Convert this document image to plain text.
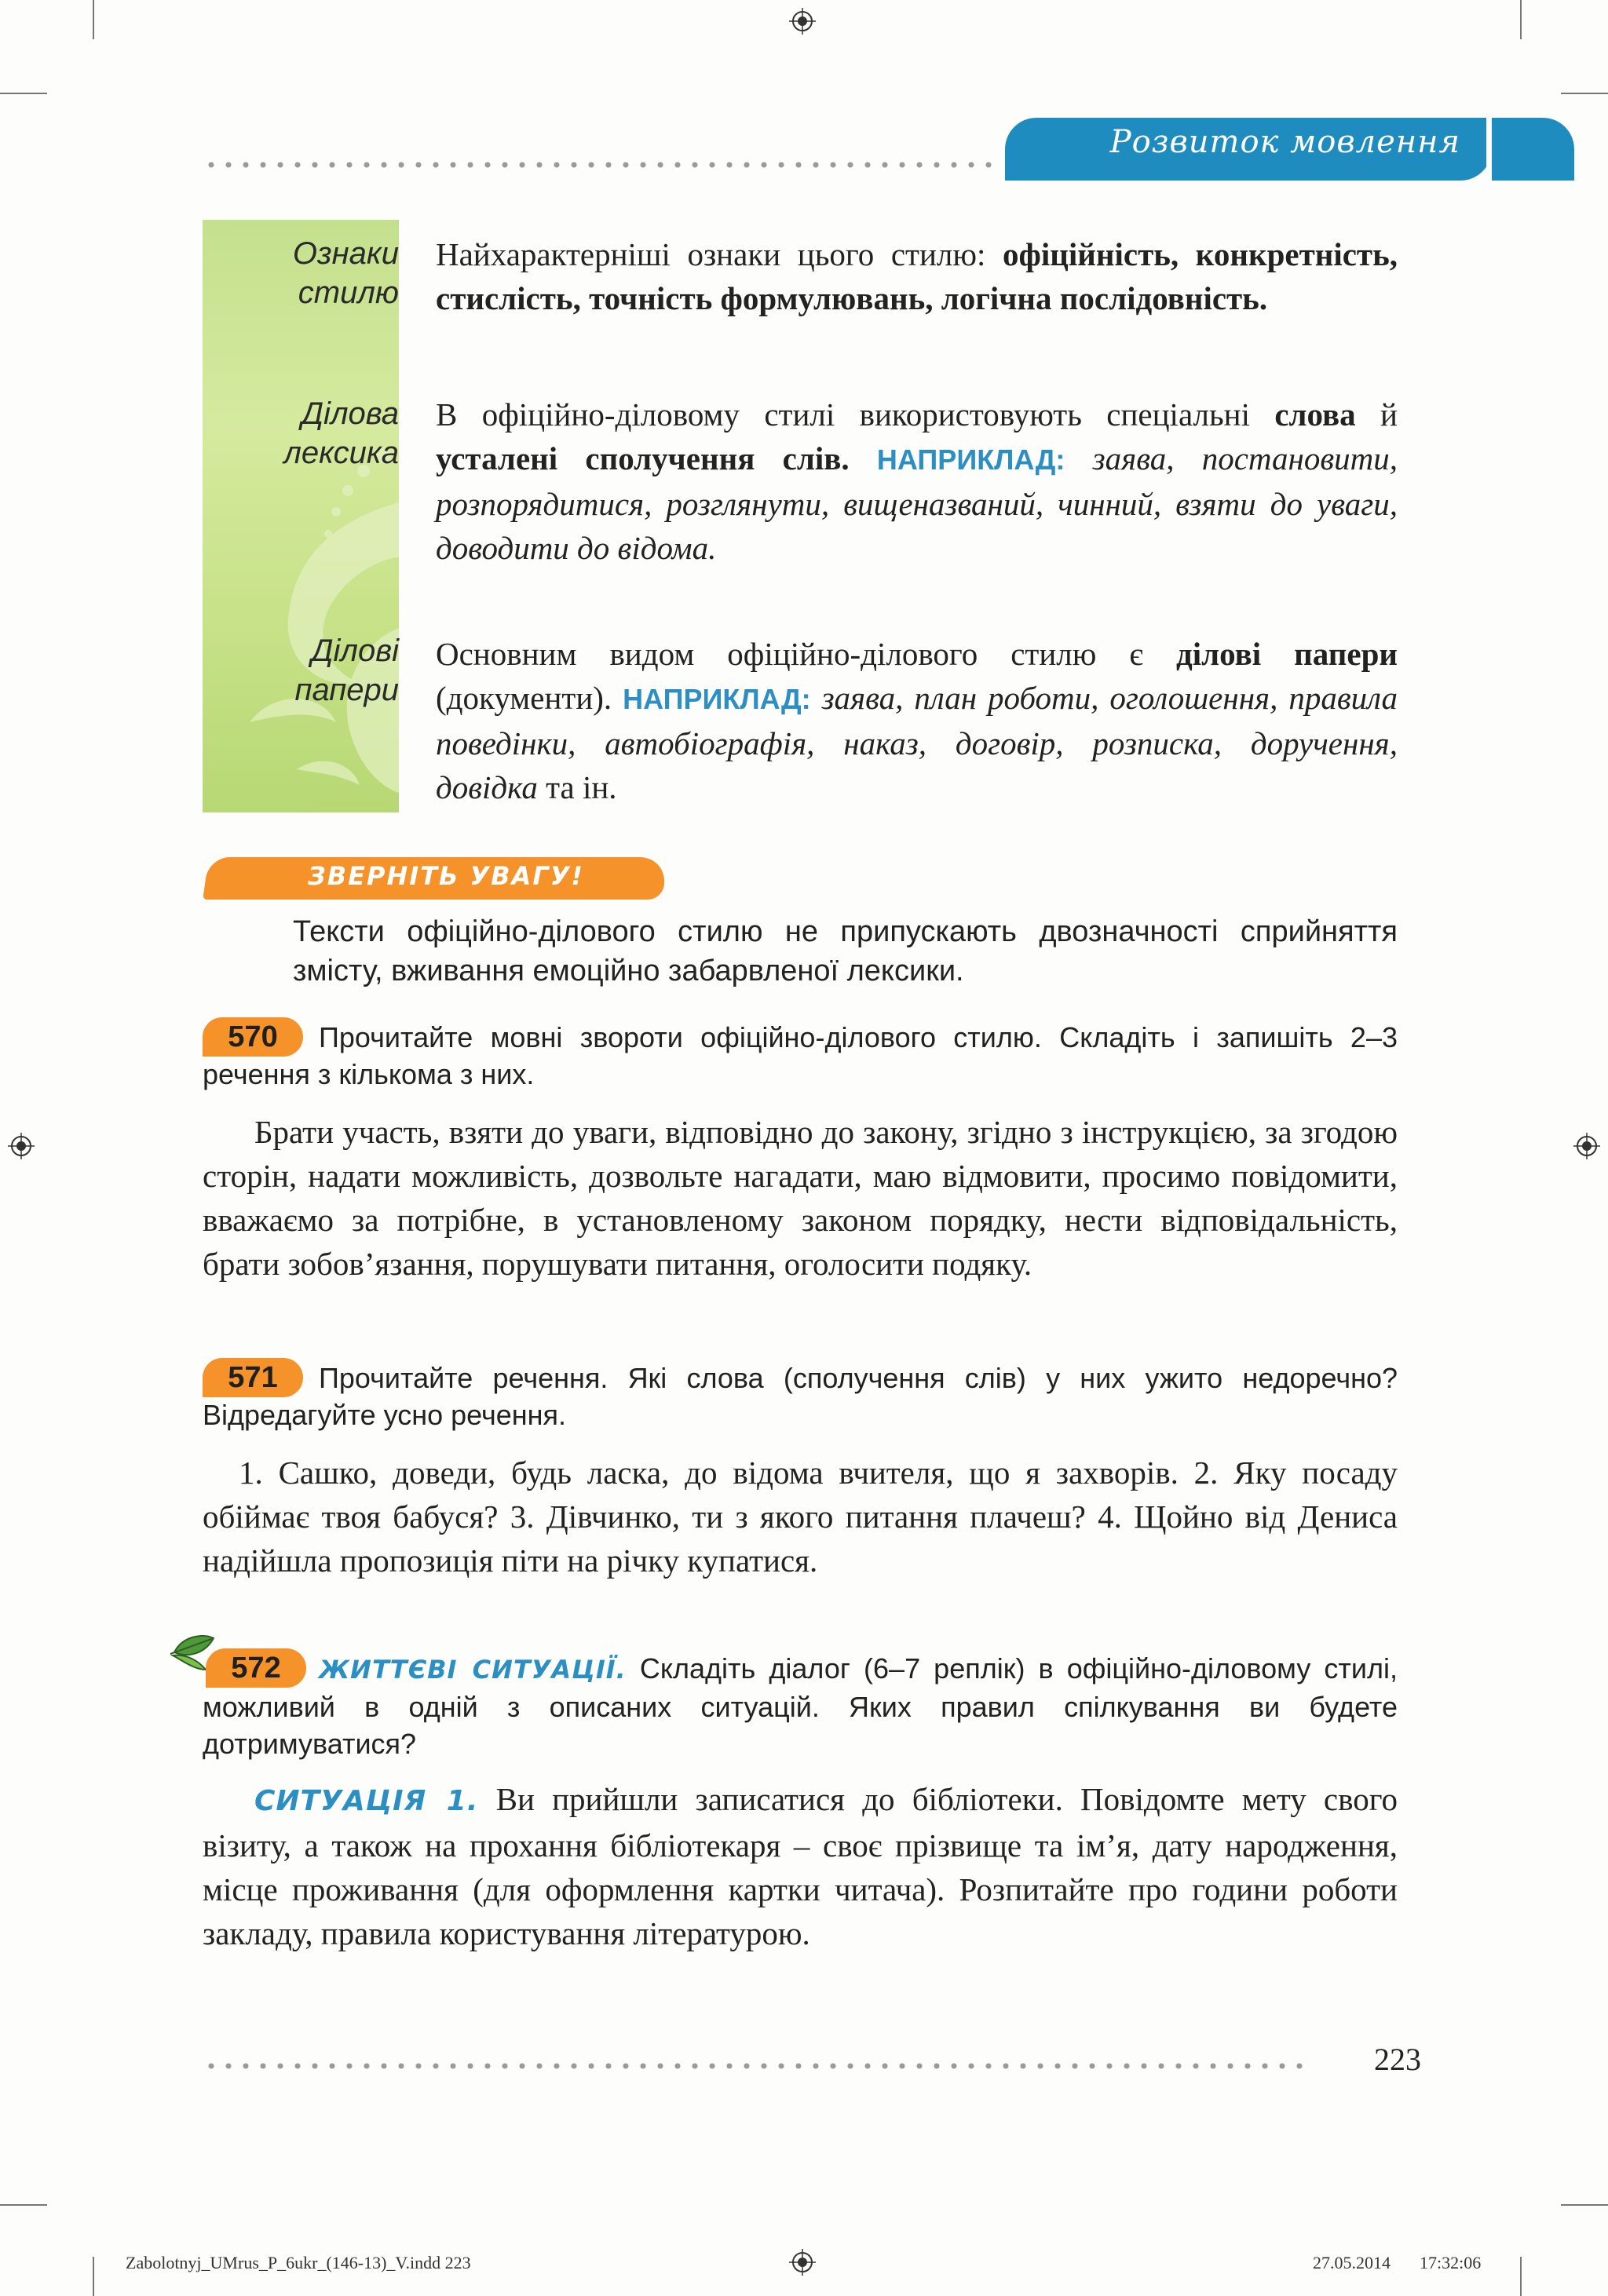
Розвиток мовлення
Ознаки стилю
Ділова лексика
Ділові папери
Найхарактерніші ознаки цього стилю: офіційність, конкретність, стислість, точність формулювань, логічна послідовність.
В офіційно-діловому стилі використовують спеціальні слова й усталені сполучення слів. НАПРИКЛАД: заява, постановити, розпорядитися, розглянути, вищеназваний, чинний, взяти до уваги, доводити до відома.
Основним видом офіційно-ділового стилю є ділові папери (документи). НАПРИКЛАД: заява, план роботи, оголошення, правила поведінки, автобіографія, наказ, договір, розписка, доручення, довідка та ін.
ЗВЕРНІТЬ УВАГУ!
Тексти офіційно-ділового стилю не припускають двозначності сприйняття змісту, вживання емоційно забарвленої лексики.
570	Прочитайте мовні звороти офіційно-ділового стилю. Складіть і запишіть 2–3 речення з кількома з них.
Брати участь, взяти до уваги, відповідно до закону, згідно з інструкцією, за згодою сторін, надати можливість, дозвольте нагадати, маю відмовити, просимо повідомити, вважаємо за потрібне, в установленому законом порядку, нести відповідальність, брати зобов’язання, порушувати питання, оголосити подяку.
571	Прочитайте речення. Які слова (сполучення слів) у них ужито недоречно? Відредагуйте усно речення.
1. Сашко, доведи, будь ласка, до відома вчителя, що я захворів. 2. Яку посаду обіймає твоя бабуся? 3. Дівчинко, ти з якого питання плачеш? 4. Щойно від Дениса надійшла пропозиція піти на річку купатися.
572	ЖИТТЄВІ СИТУАЦІЇ. Складіть діалог (6–7 реплік) в офіційно-діловому стилі, можливий в одній з описаних ситуацій. Яких правил спілкування ви будете дотримуватися?
СИТУАЦІЯ 1. Ви прийшли записатися до бібліотеки. Повідомте мету свого візиту, а також на прохання бібліотекаря – своє прізвище та ім’я, дату народження, місце проживання (для оформлення картки читача). Розпитайте про години роботи закладу, правила користування літературою.
223
Zabolotnyj_UMrus_P_6ukr_(146-13)_V.indd 223	27.05.2014 17:32:06
